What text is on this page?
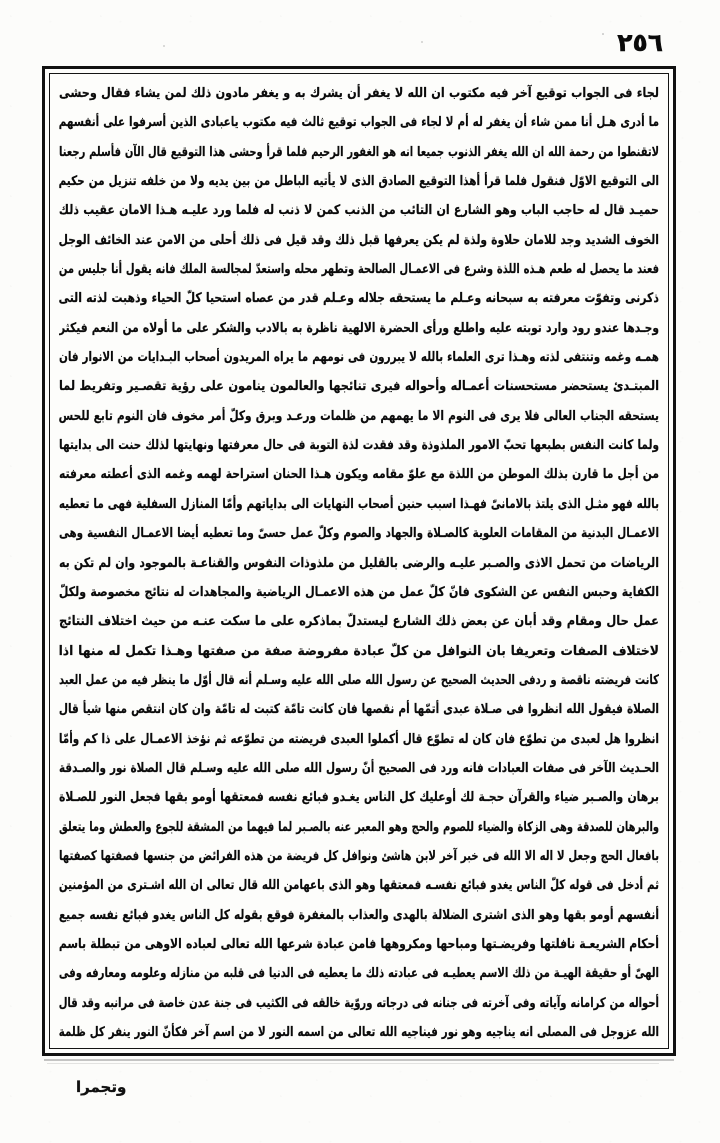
٢٥٦
ﻟﺠﺎء فى الجواب توقيع آخر فيه مكتوب ان الله لا يغفر أن يشرك به و يغفر مادون ذلك لمن يشاء فقال وحشى
ما أدرى هـل أنا ممن شاء أن يغفر له أم لا ﻟﺠﺎء فى الجواب توقيع ثالث فيه مكتوب ياعبادى الذين أسرفوا على أنفسهم
لاتقنطوا من رحمة الله ان الله يغفر الذنوب جميعا انه هو الغفور الرحيم فلما قرأ وحشى هذا التوقيع قال الآن فأسلم رجعنا
الى التوقيع الاوّل فنقول فلما قرأ أهذا التوقيع الصادق الذى لا يأتيه الباطل من بين يديه ولا من خلفه تنزيل من حكيم
حميـد قال له حاجب الباب وهو الشارع ان التائب من الذنب كمن لا ذنب له فلما ورد عليـه هـذا الامان عقيب ذلك
الخوف الشديد وجد للامان حلاوة ولذة لم يكن يعرفها قبل ذلك وقد قيل فى ذلك أحلى من الامن عند الخائف الوجل
فعند ما يحصل له طعم هـذه اللذة وشرع فى الاعمـال الصالحة وتطهر محله واستعدّ لمجالسة الملك فانه يقول أنا جليس من
ذكرنى وتفوّت معرفته به سبحانه وعـلم ما يستحقه جلاله وعـلم قدر من عصاه استحيا كلّ الحياء وذهبت لذته التى
وجـدها عندو رود وارد توبته عليه واطلع ورأى الحضرة الالهية ناظرة به بالادب والشكر على ما أولاه من النعم فيكثر
همـه وغمه وتنتفى لذته وهـذا ترى العلماء بالله لا يبررون فى نومهم ما يراه المريدون أصحاب البـدايات من الانوار فان
المبتـدئ يستحضر مستحسنات أعمـاله وأحواله فيرى تنائجها والعالمون ينامون على رؤية تقصـير وتفريط لما
يستحقه الجناب العالى فلا يرى فى النوم الا ما يهمهم من ظلمات ورعـد وبرق وكلّ أمر مخوف فان النوم تابع للحس
ولما كانت النفس بطبعها تحبّ الامور الملذوذة وقد فقدت لذة التوبة فى حال معرفتها ونهايتها لذلك حنت الى بدايتها
من أجل ما قارن بذلك الموطن من اللذة مع علوّ مقامه ويكون هـذا الحنان استراحة لهمه وغمه الذى أعطته معرفته
بالله فهو مثـل الذى يلتذ بالامانىّ فهـذا اسبب حنين أصحاب النهايات الى بداياتهم وأمّا المنازل السفلية فهى ما تعطيه
الاعمـال البدنية من المقامات العلوية كالصـلاة والجهاد والصوم وكلّ عمل حسىّ وما تعطيه أيضا الاعمـال النفسية وهى
الرياضات من تحمل الاذى والصـبر عليـه والرضى بالقليل من ملذوذات النفوس والقناعـة بالموجود وان لم تكن به
الكفاية وحبس النفس عن الشكوى فانّ كلّ عمل من هذه الاعمـال الرياضية والمجاهدات له نتائج مخصوصة ولكلّ
عمل حال ومقام وقد أبان عن بعض ذلك الشارع ليستدلّ بماذكره على ما سكت عنـه من حيث اختلاف النتائج
لاختلاف الصفات وتعريفا بان النوافل من كلّ عبادة مفروضة صفة من صفتها وهـذا تكمل له منها اذا
كانت فريضته ناقصة و ردفى الحديث الصحيح عن رسول الله صلى الله عليه وسـلم أنه قال أوّل ما ينظر فيه من عمل العبد
الصلاة فيقول الله انظروا فى صـلاة عبدى أتمّها أم نقصها فان كانت تامّة كتبت له تامّة وان كان انتقص منها شيأ قال
انظروا هل لعبدى من تطوّع فان كان له تطوّع قال أكملوا العبدى فريضته من تطوّعه ثم نؤخذ الاعمـال على ذا كم وأمّا
الحـديث الآخر فى صفات العبادات فانه ورد فى الصحيح أنّ رسول الله صلى الله عليه وسـلم قال الصلاة نور والصـدقة
برهان والصـبر ضياء والقرآن حجـة لك أوعليك كل الناس يغـدو فبائع نفسه فمعتقها أومو بقها فجعل النور للصـلاة
والبرهان للصدقة وهى الزكاة والضياء للصوم والحج وهو المعبر عنه بالصـبر لما فيهما من المشقة للجوع والعطش وما يتعلق
بافعال الحج وجعل لا اله الا الله فى خبر آخر لابن هاشئ ونوافل كل فريضة من هذه الفرائض من جنسها فصفتها كصفتها
ثم أدخل فى قوله كلّ الناس يغدو فبائع نفسـه فمعتقها وهو الذى باعهامن الله قال تعالى ان الله اشـترى من المؤمنين
أنفسهم أومو بقها وهو الذى اشترى الضلالة بالهدى والعذاب بالمغفرة فوقع بقوله كل الناس يغدو فبائع نفسه جميع
أحكام الشريعـة نافلتها وفريضـتها ومباحها ومكروهها فامن عبادة شرعها الله تعالى لعباده الاوهى من تبطلة باسم
الهىّ أو حقيقة الهيـة من ذلك الاسم يعطيـه فى عبادته ذلك ما يعطيه فى الدنيا فى قلبه من منازله وعلومه ومعارفه وفى
أحواله من كرامانه وآياته وفى آخرته فى جنانه فى درجاته وروّية خالقه فى الكثيب فى جنة عدن خاصة فى مرانبه وقد قال
الله عزوجل فى المصلى انه يناجيه وهو نور فيناجيه الله تعالى من اسمه النور لا من اسم آخر فكأنّ النور ينفر كل ظلمة
وتجمرا
